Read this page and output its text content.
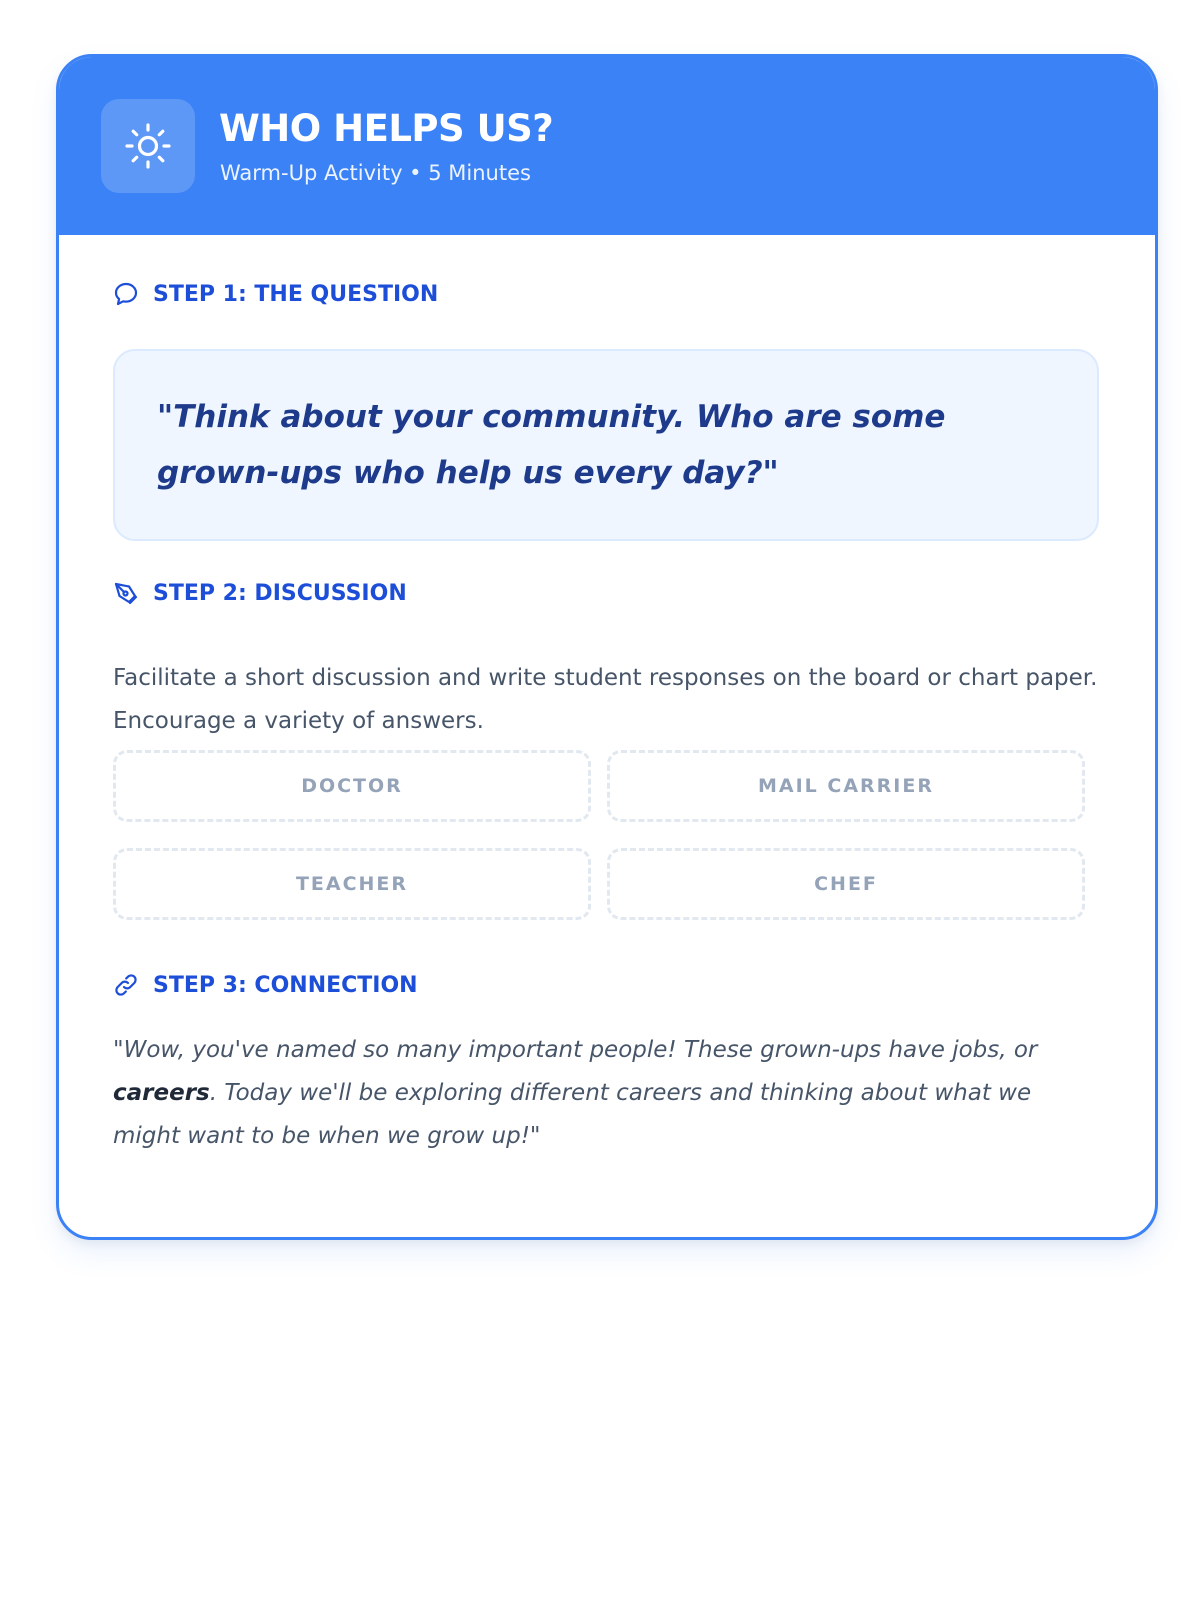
WHO HELPS US?
Warm-Up Activity • 5 Minutes
STEP 1: THE QUESTION
"Think about your community. Who are some grown-ups who help us every day?"
STEP 2: DISCUSSION
Facilitate a short discussion and write student responses on the board or chart paper. Encourage a variety of answers.
DOCTOR	MAIL CARRIER
TEACHER	CHEF
STEP 3: CONNECTION
"Wow, you've named so many important people! These grown-ups have jobs, or careers. Today we'll be exploring different careers and thinking about what we might want to be when we grow up!"
